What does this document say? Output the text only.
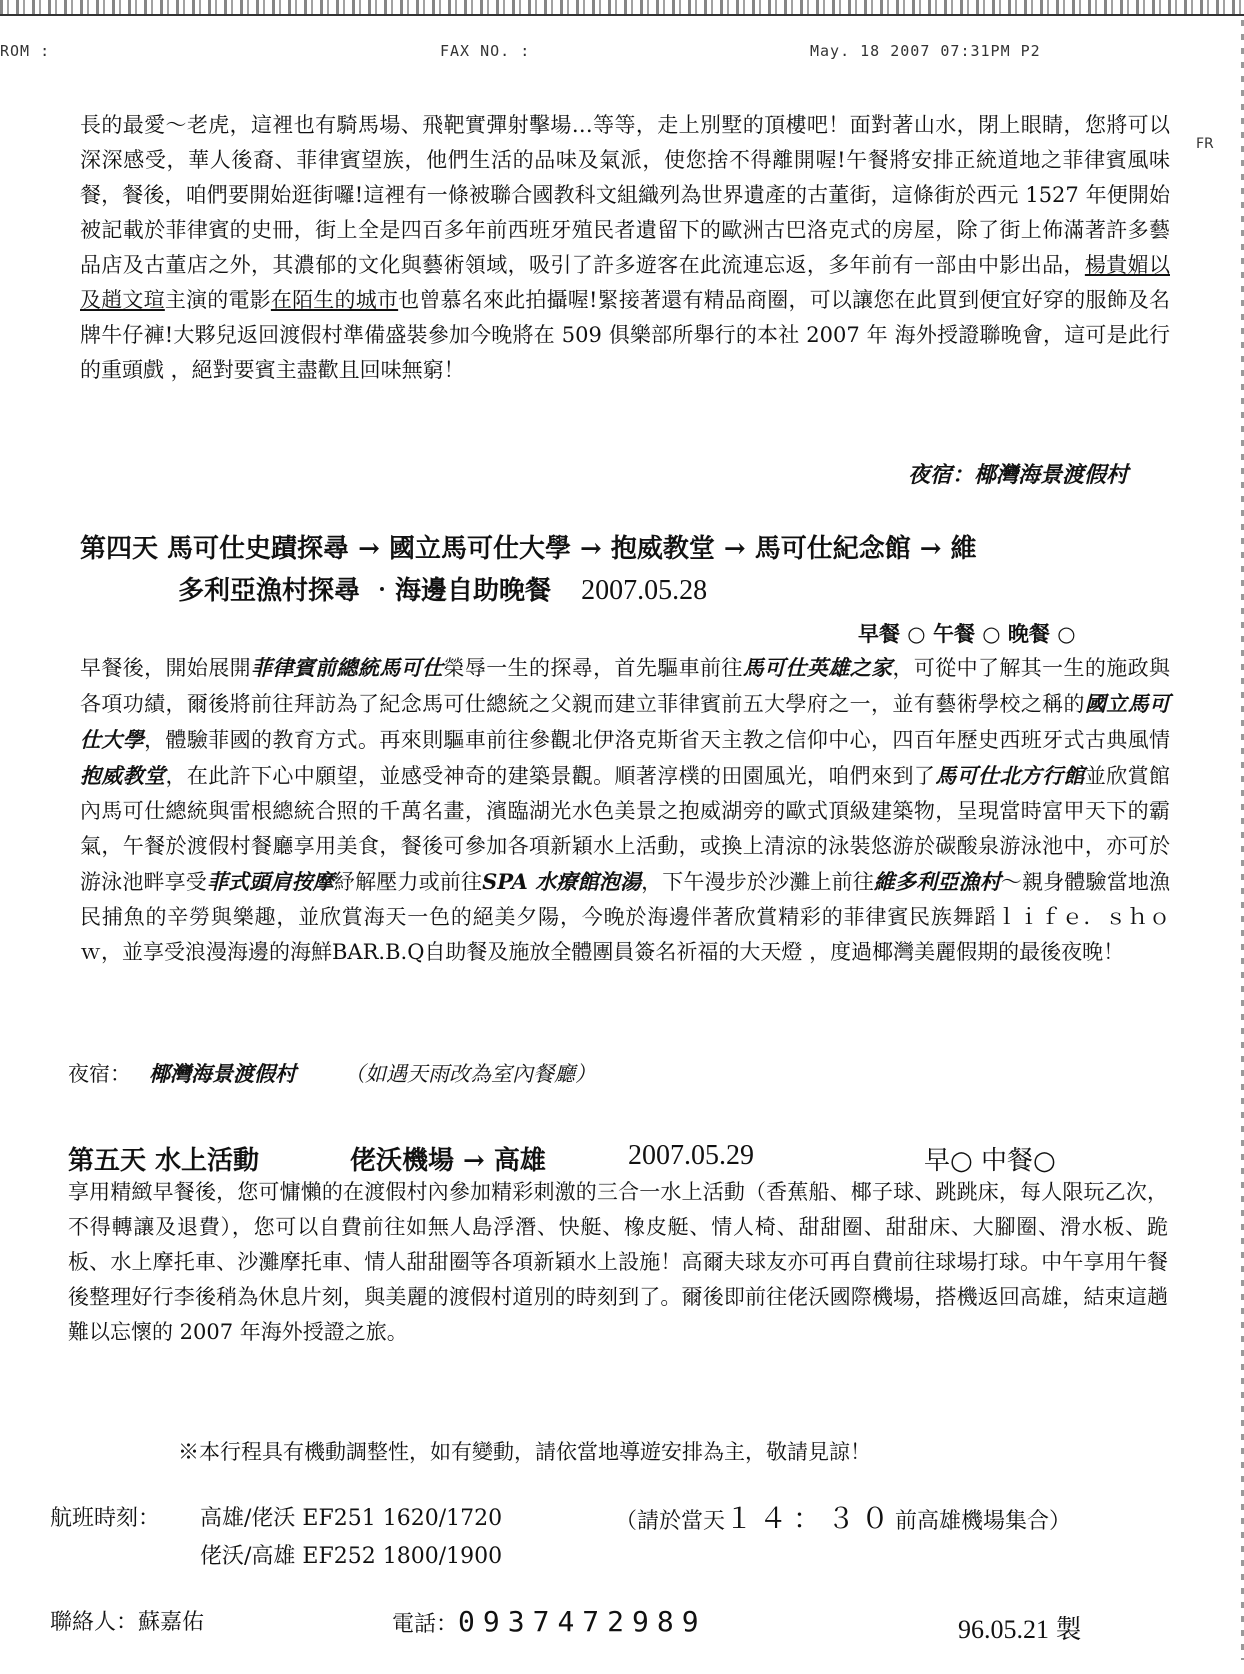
ROM :	FAX NO. :	May. 18 2007 07:31PM P2
FR

長的最愛～老虎，這裡也有騎馬場、飛靶實彈射擊場…等等，走上別墅的頂樓吧！面對著山水，閉上眼睛，您將可以深深感受，華人後裔、菲律賓望族，他們生活的品味及氣派，使您捨不得離開喔!午餐將安排正統道地之菲律賓風味餐，餐後，咱們要開始逛街囉!這裡有一條被聯合國教科文組織列為世界遺產的古董街，這條街於西元 1527 年便開始被記載於菲律賓的史冊，街上全是四百多年前西班牙殖民者遺留下的歐洲古巴洛克式的房屋，除了街上佈滿著許多藝品店及古董店之外，其濃郁的文化與藝術領域，吸引了許多遊客在此流連忘返，多年前有一部由中影出品，楊貴媚以及趙文瑄主演的電影在陌生的城市也曾慕名來此拍攝喔!緊接著還有精品商圈，可以讓您在此買到便宜好穿的服飾及名牌牛仔褲!大夥兒返回渡假村準備盛裝參加今晚將在 509 俱樂部所舉行的本社 2007 年 海外授證聯晚會，這可是此行的重頭戲 ，絕對要賓主盡歡且回味無窮！

夜宿：椰灣海景渡假村
第四天 馬可仕史蹟探尋 → 國立馬可仕大學 → 抱威教堂 → 馬可仕紀念館 → 維
多利亞漁村探尋 ‧海邊自助晚餐 2007.05.28
早餐 ○ 午餐 ○ 晚餐 ○

早餐後，開始展開菲律賓前總統馬可仕榮辱一生的探尋，首先驅車前往馬可仕英雄之家，可從中了解其一生的施政與各項功績，爾後將前往拜訪為了紀念馬可仕總統之父親而建立菲律賓前五大學府之一，並有藝術學校之稱的國立馬可仕大學，體驗菲國的教育方式。再來則驅車前往參觀北伊洛克斯省天主教之信仰中心，四百年歷史西班牙式古典風情抱威教堂，在此許下心中願望，並感受神奇的建築景觀。順著淳樸的田園風光，咱們來到了馬可仕北方行館並欣賞館內馬可仕總統與雷根總統合照的千萬名畫，濱臨湖光水色美景之抱威湖旁的歐式頂級建築物，呈現當時富甲天下的霸氣，午餐於渡假村餐廳享用美食，餐後可參加各項新穎水上活動，或換上清涼的泳裝悠游於碳酸泉游泳池中，亦可於游泳池畔享受菲式頭肩按摩紓解壓力或前往SPA 水療館泡湯，下午漫步於沙灘上前往維多利亞漁村～親身體驗當地漁民捕魚的辛勞與樂趣，並欣賞海天一色的絕美夕陽，今晚於海邊伴著欣賞精彩的菲律賓民族舞蹈ｌｉｆｅ．ｓｈｏｗ，並享受浪漫海邊的海鮮BAR.B.Q自助餐及施放全體團員簽名祈福的大天燈 ，度過椰灣美麗假期的最後夜晚！

夜宿： 椰灣海景渡假村 （如遇天雨改為室內餐廳）
第五天 水上活動	佬沃機場 → 高雄	2007.05.29	早○ 中餐○

享用精緻早餐後，您可慵懶的在渡假村內參加精彩刺激的三合一水上活動（香蕉船、椰子球、跳跳床，每人限玩乙次，不得轉讓及退費），您可以自費前往如無人島浮潛、快艇、橡皮艇、情人椅、甜甜圈、甜甜床、大腳圈、滑水板、跪板、水上摩托車、沙灘摩托車、情人甜甜圈等各項新穎水上設施！高爾夫球友亦可再自費前往球場打球。中午享用午餐後整理好行李後稍為休息片刻，與美麗的渡假村道別的時刻到了。爾後即前往佬沃國際機場，搭機返回高雄，結束這趟難以忘懷的 2007 年海外授證之旅。

※本行程具有機動調整性，如有變動，請依當地導遊安排為主，敬請見諒！
航班時刻： 高雄/佬沃 EF251 1620/1720
佬沃/高雄 EF252 1800/1900
（請於當天１４：３０前高雄機場集合）
聯絡人：蘇嘉佑	電話：0937472989	96.05.21 製
